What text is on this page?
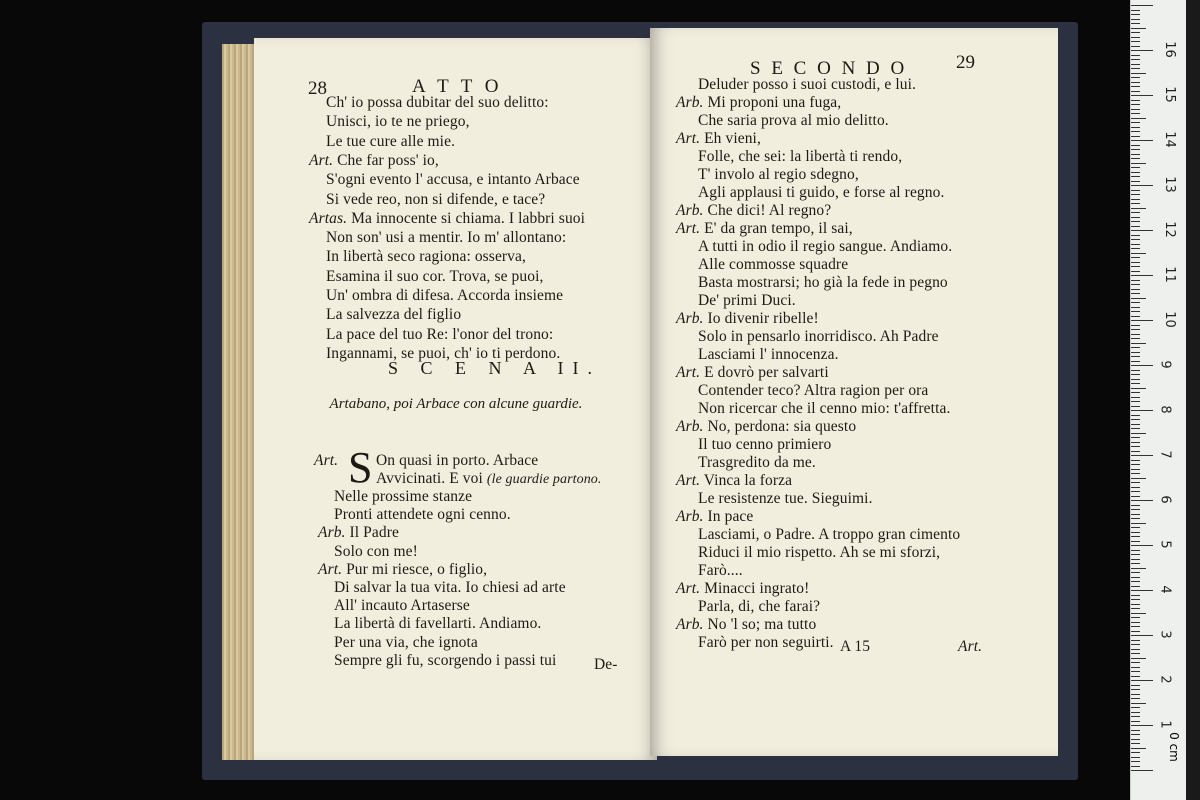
28	A T T O
S C E N A II.
Artabano, poi Arbace con alcune guardie.
Art. S On quasi in porto. Arbace
Avvicinati. E voi (le guardie partono.
De-
Ch' io possa dubitar del suo delitto:
Unisci, io te ne priego,
Le tue cure alle mie.
Art. Che far poss' io,
S'ogni evento l' accusa, e intanto Arbace
Si vede reo, non si difende, e tace?
Artas. Ma innocente si chiama. I labbri suoi
Non son' usi a mentir. Io m' allontano:
In libertà seco ragiona: osserva,
Esamina il suo cor. Trova, se puoi,
Un' ombra di difesa. Accorda insieme
La salvezza del figlio
La pace del tuo Re: l'onor del trono:
Ingannami, se puoi, ch' io ti perdono.
Nelle prossime stanze
Pronti attendete ogni cenno.
Arb. Il Padre
Solo con me!
Art. Pur mi riesce, o figlio,
Di salvar la tua vita. Io chiesi ad arte
All' incauto Artaserse
La libertà di favellarti. Andiamo.
Per una via, che ignota
Sempre gli fu, scorgendo i passi tui
S E C O N D O	29
A 15	Art.
Deluder posso i suoi custodi, e lui.
Arb. Mi proponi una fuga,
Che saria prova al mio delitto.
Art. Eh vieni,
Folle, che sei: la libertà ti rendo,
T' involo al regio sdegno,
Agli applausi ti guido, e forse al regno.
Arb. Che dici! Al regno?
Art. E' da gran tempo, il sai,
A tutti in odio il regio sangue. Andiamo.
Alle commosse squadre
Basta mostrarsi; ho già la fede in pegno
De' primi Duci.
Arb. Io divenir ribelle!
Solo in pensarlo inorridisco. Ah Padre
Lasciami l' innocenza.
Art. E dovrò per salvarti
Contender teco? Altra ragion per ora
Non ricercar che il cenno mio: t'affretta.
Arb. No, perdona: sia questo
Il tuo cenno primiero
Trasgredito da me.
Art. Vinca la forza
Le resistenze tue. Sieguimi.
Arb. In pace
Lasciami, o Padre. A troppo gran cimento
Riduci il mio rispetto. Ah se mi sforzi,
Farò....
Art. Minacci ingrato!
Parla, di, che farai?
Arb. No 'l so; ma tutto
Farò per non seguirti.
0 cm
16
15
14
13
12
11
10
9
8
7
6
5
4
3
2
1
